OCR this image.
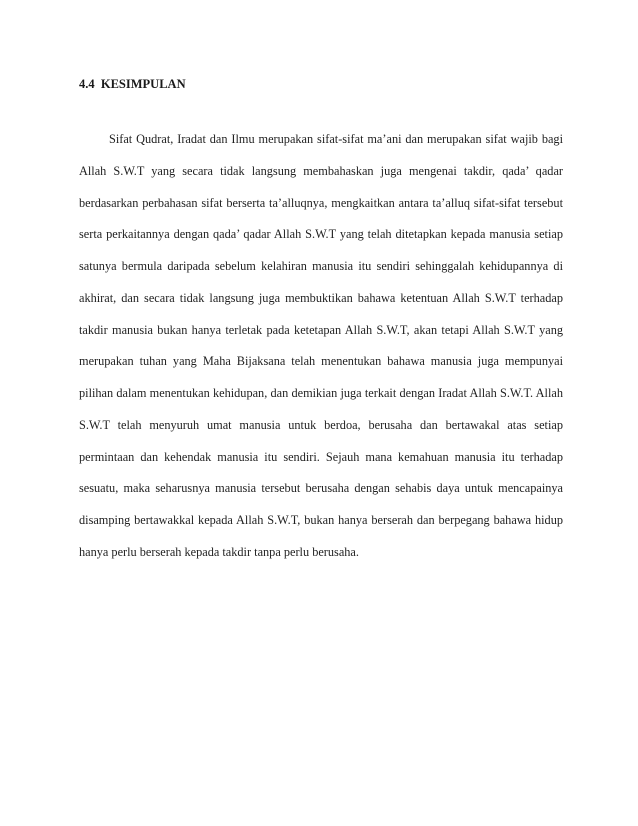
4.4  KESIMPULAN

Sifat Qudrat, Iradat dan Ilmu merupakan sifat-sifat ma’ani dan merupakan sifat wajib bagi Allah S.W.T yang secara tidak langsung membahaskan juga mengenai takdir, qada’ qadar berdasarkan perbahasan sifat berserta ta’alluqnya, mengkaitkan antara ta’alluq sifat-sifat tersebut serta perkaitannya dengan qada’ qadar Allah S.W.T yang telah ditetapkan kepada manusia setiap satunya bermula daripada sebelum kelahiran manusia itu sendiri sehinggalah kehidupannya di akhirat, dan secara tidak langsung juga membuktikan bahawa ketentuan Allah S.W.T terhadap takdir manusia bukan hanya terletak pada ketetapan Allah S.W.T, akan tetapi Allah S.W.T yang merupakan tuhan yang Maha Bijaksana telah menentukan bahawa manusia juga mempunyai pilihan dalam menentukan kehidupan, dan demikian juga terkait dengan Iradat Allah S.W.T. Allah S.W.T telah menyuruh umat manusia untuk berdoa, berusaha dan bertawakal atas setiap permintaan dan kehendak manusia itu sendiri. Sejauh mana kemahuan manusia itu terhadap sesuatu, maka seharusnya manusia tersebut berusaha dengan sehabis daya untuk mencapainya disamping bertawakkal kepada Allah S.W.T, bukan hanya berserah dan berpegang bahawa hidup hanya perlu berserah kepada takdir tanpa perlu berusaha.
